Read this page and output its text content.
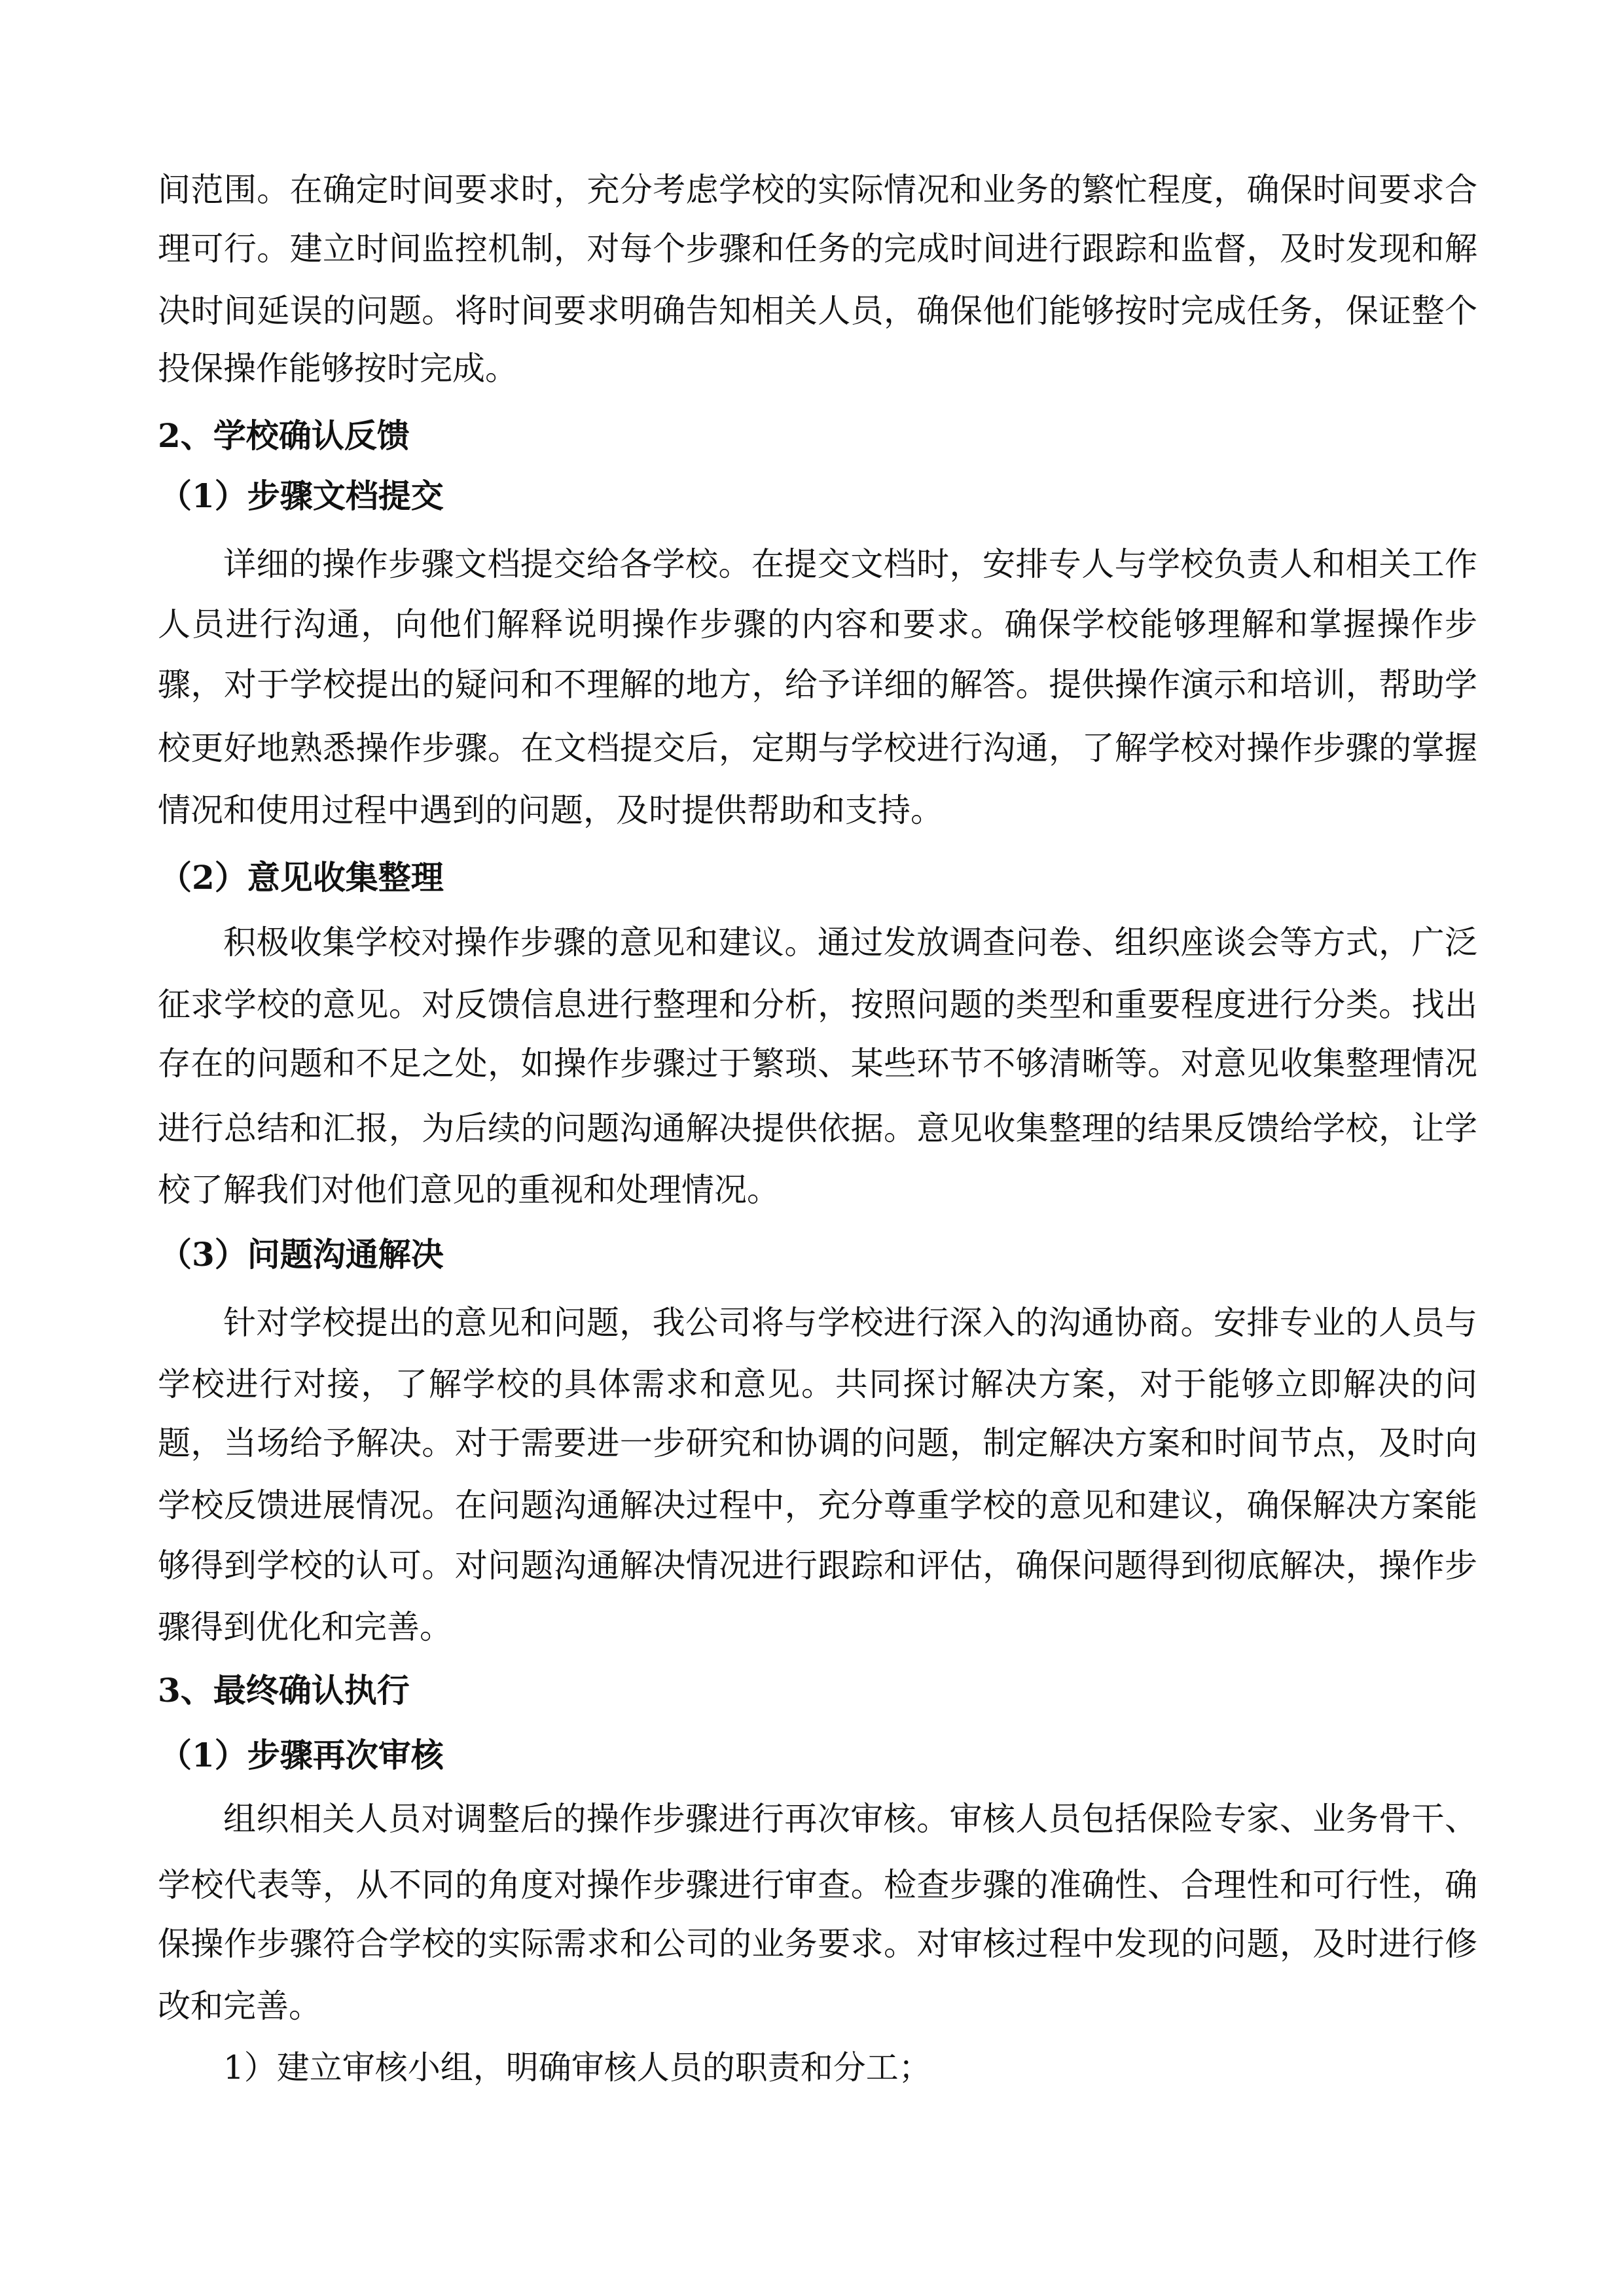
间范围。在确定时间要求时，充分考虑学校的实际情况和业务的繁忙程度，确保时间要求合
理可行。建立时间监控机制，对每个步骤和任务的完成时间进行跟踪和监督，及时发现和解
决时间延误的问题。将时间要求明确告知相关人员，确保他们能够按时完成任务，保证整个
投保操作能够按时完成。
2、学校确认反馈
（1）步骤文档提交
详细的操作步骤文档提交给各学校。在提交文档时，安排专人与学校负责人和相关工作
人员进行沟通，向他们解释说明操作步骤的内容和要求。确保学校能够理解和掌握操作步
骤，对于学校提出的疑问和不理解的地方，给予详细的解答。提供操作演示和培训，帮助学
校更好地熟悉操作步骤。在文档提交后，定期与学校进行沟通，了解学校对操作步骤的掌握
情况和使用过程中遇到的问题，及时提供帮助和支持。
（2）意见收集整理
积极收集学校对操作步骤的意见和建议。通过发放调查问卷、组织座谈会等方式，广泛
征求学校的意见。对反馈信息进行整理和分析，按照问题的类型和重要程度进行分类。找出
存在的问题和不足之处，如操作步骤过于繁琐、某些环节不够清晰等。对意见收集整理情况
进行总结和汇报，为后续的问题沟通解决提供依据。意见收集整理的结果反馈给学校，让学
校了解我们对他们意见的重视和处理情况。
（3）问题沟通解决
针对学校提出的意见和问题，我公司将与学校进行深入的沟通协商。安排专业的人员与
学校进行对接，了解学校的具体需求和意见。共同探讨解决方案，对于能够立即解决的问
题，当场给予解决。对于需要进一步研究和协调的问题，制定解决方案和时间节点，及时向
学校反馈进展情况。在问题沟通解决过程中，充分尊重学校的意见和建议，确保解决方案能
够得到学校的认可。对问题沟通解决情况进行跟踪和评估，确保问题得到彻底解决，操作步
骤得到优化和完善。
3、最终确认执行
（1）步骤再次审核
组织相关人员对调整后的操作步骤进行再次审核。审核人员包括保险专家、业务骨干、
学校代表等，从不同的角度对操作步骤进行审查。检查步骤的准确性、合理性和可行性，确
保操作步骤符合学校的实际需求和公司的业务要求。对审核过程中发现的问题，及时进行修
改和完善。
1）建立审核小组，明确审核人员的职责和分工；
